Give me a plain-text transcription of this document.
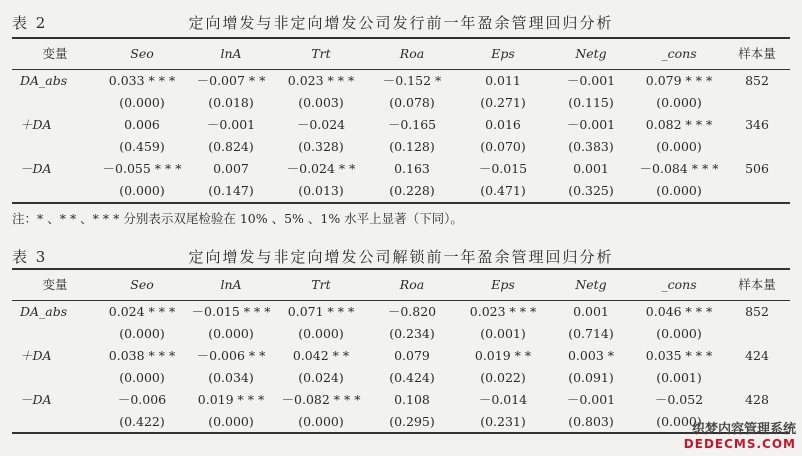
表 2	定向增发与非定向增发公司发行前一年盈余管理回归分析
变量	Seo	lnA	Trt	Roa	Eps	Netg	_cons	样本量
DA_abs	0.033 * * *	－0.007 * *	0.023 * * *	－0.152 *	0.011	－0.001	0.079 * * *	852
	(0.000)	(0.018)	(0.003)	(0.078)	(0.271)	(0.115)	(0.000)	
＋DA	0.006	－0.001	－0.024	－0.165	0.016	－0.001	0.082 * * *	346
	(0.459)	(0.824)	(0.328)	(0.128)	(0.070)	(0.383)	(0.000)	
－DA	－0.055 * * *	0.007	－0.024 * *	0.163	－0.015	0.001	－0.084 * * *	506
	(0.000)	(0.147)	(0.013)	(0.228)	(0.471)	(0.325)	(0.000)	
注：* 、* * 、* * * 分别表示双尾检验在 10% 、5% 、1% 水平上显著（下同）。
表 3	定向增发与非定向增发公司解锁前一年盈余管理回归分析
变量	Seo	lnA	Trt	Roa	Eps	Netg	_cons	样本量
DA_abs	0.024 * * *	－0.015 * * *	0.071 * * *	－0.820	0.023 * * *	0.001	0.046 * * *	852
	(0.000)	(0.000)	(0.000)	(0.234)	(0.001)	(0.714)	(0.000)	
＋DA	0.038 * * *	－0.006 * *	0.042 * *	0.079	0.019 * *	0.003 *	0.035 * * *	424
	(0.000)	(0.034)	(0.024)	(0.424)	(0.022)	(0.091)	(0.001)	
－DA	－0.006	0.019 * * *	－0.082 * * *	0.108	－0.014	－0.001	－0.052	428
	(0.422)	(0.000)	(0.000)	(0.295)	(0.231)	(0.803)	(0.000)	
织梦内容管理系统
DEDECMS.COM
